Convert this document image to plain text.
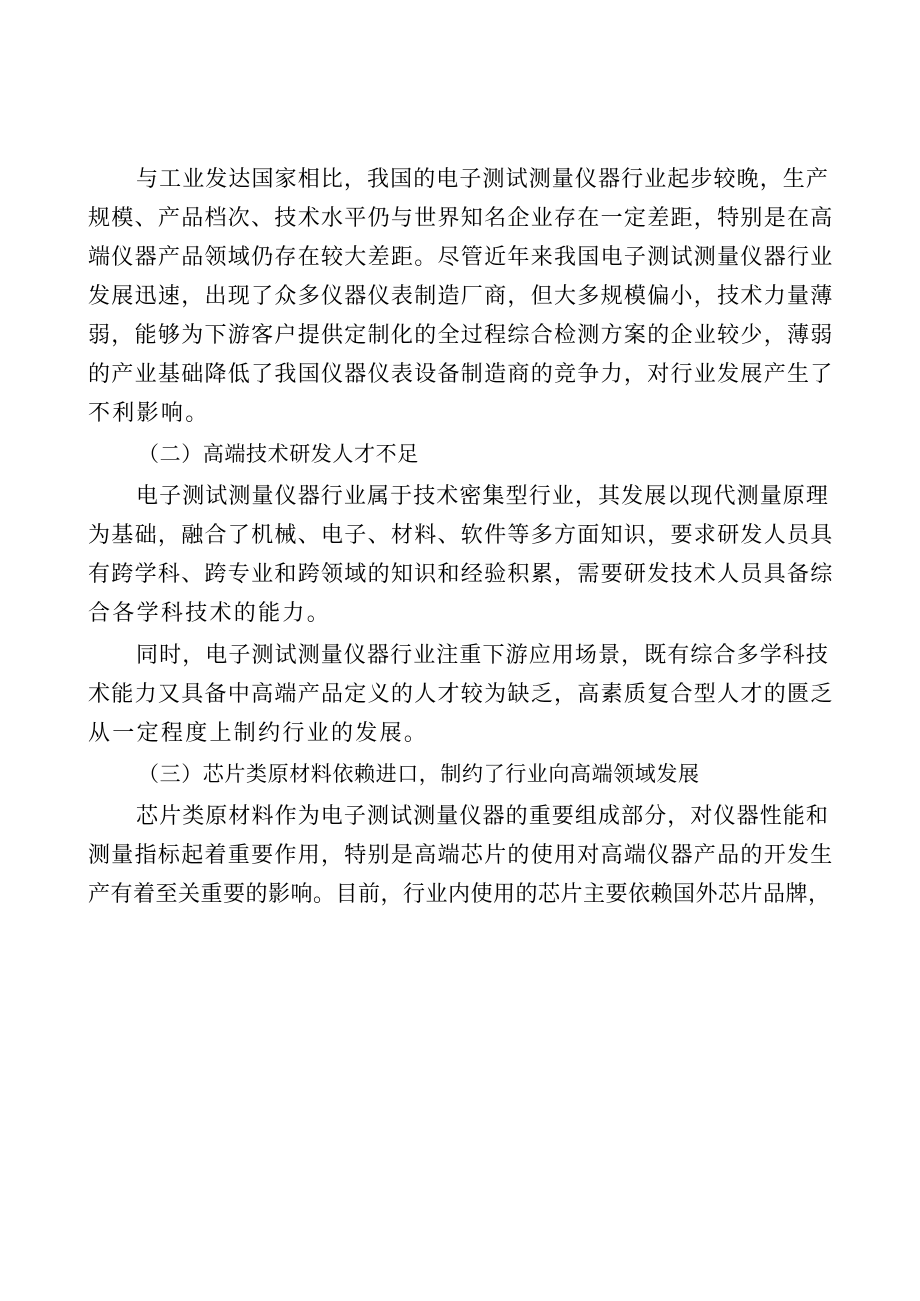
与工业发达国家相比，我国的电子测试测量仪器行业起步较晚，生产
规模、产品档次、技术水平仍与世界知名企业存在一定差距，特别是在高
端仪器产品领域仍存在较大差距。尽管近年来我国电子测试测量仪器行业
发展迅速，出现了众多仪器仪表制造厂商，但大多规模偏小，技术力量薄
弱，能够为下游客户提供定制化的全过程综合检测方案的企业较少，薄弱
的产业基础降低了我国仪器仪表设备制造商的竞争力，对行业发展产生了
不利影响。
（二）高端技术研发人才不足
电子测试测量仪器行业属于技术密集型行业，其发展以现代测量原理
为基础，融合了机械、电子、材料、软件等多方面知识，要求研发人员具
有跨学科、跨专业和跨领域的知识和经验积累，需要研发技术人员具备综
合各学科技术的能力。
同时，电子测试测量仪器行业注重下游应用场景，既有综合多学科技
术能力又具备中高端产品定义的人才较为缺乏，高素质复合型人才的匮乏
从一定程度上制约行业的发展。
（三）芯片类原材料依赖进口，制约了行业向高端领域发展
芯片类原材料作为电子测试测量仪器的重要组成部分，对仪器性能和
测量指标起着重要作用，特别是高端芯片的使用对高端仪器产品的开发生
产有着至关重要的影响。目前，行业内使用的芯片主要依赖国外芯片品牌，
